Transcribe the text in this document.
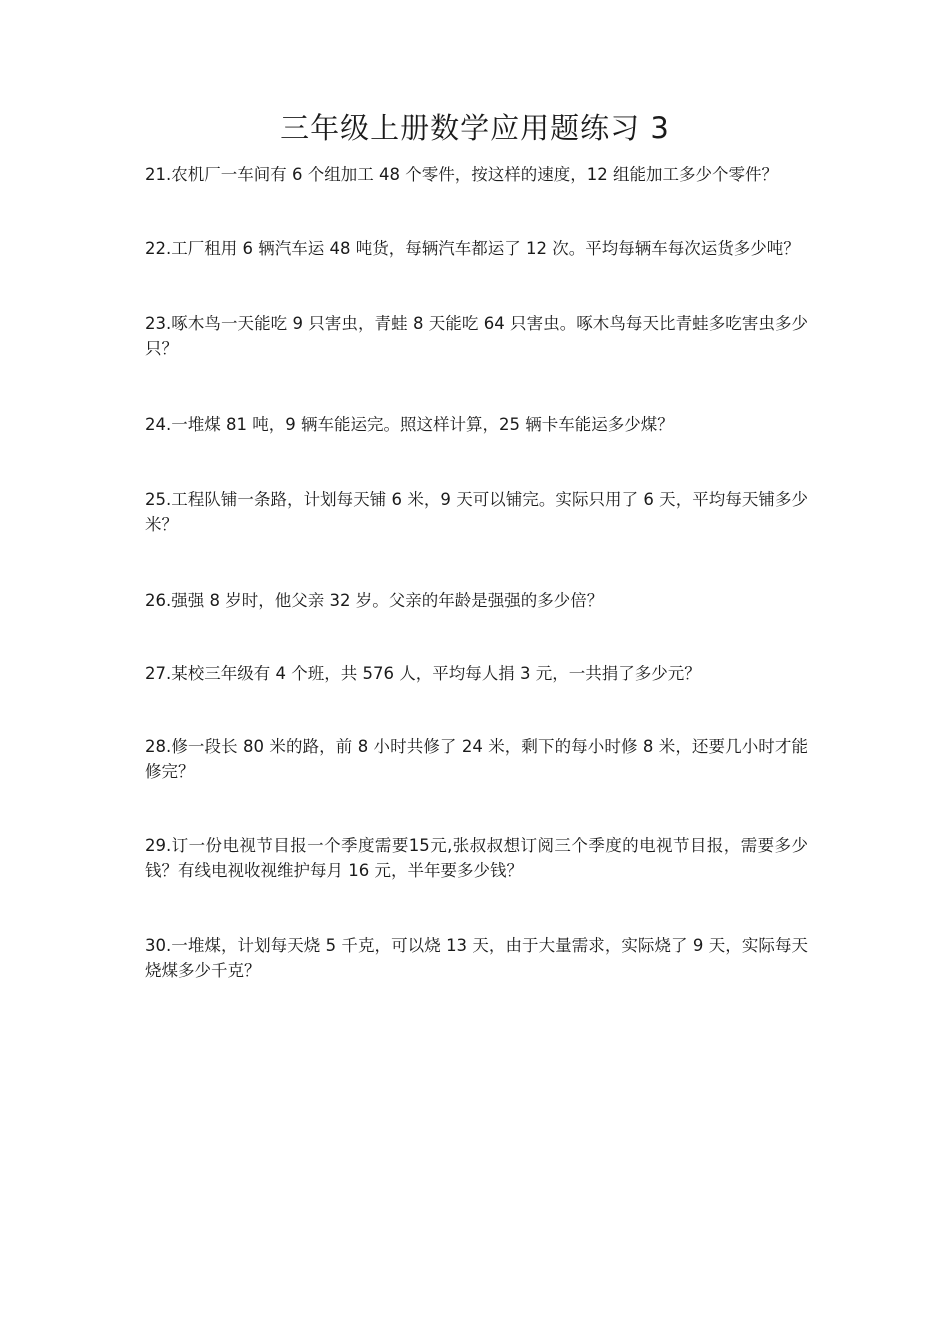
三年级上册数学应用题练习 3
21.农机厂一车间有 6 个组加工 48 个零件，按这样的速度，12 组能加工多少个零件？
22.工厂租用 6 辆汽车运 48 吨货，每辆汽车都运了 12 次。平均每辆车每次运货多少吨？
23.啄木鸟一天能吃 9 只害虫，青蛙 8 天能吃 64 只害虫。啄木鸟每天比青蛙多吃害虫多少只？
24.一堆煤 81 吨，9 辆车能运完。照这样计算，25 辆卡车能运多少煤？
25.工程队铺一条路，计划每天铺 6 米，9 天可以铺完。实际只用了 6 天，平均每天铺多少米？
26.强强 8 岁时，他父亲 32 岁。父亲的年龄是强强的多少倍？
27.某校三年级有 4 个班，共 576 人，平均每人捐 3 元，一共捐了多少元？
28.修一段长 80 米的路，前 8 小时共修了 24 米，剩下的每小时修 8 米，还要几小时才能修完？
29.订一份电视节目报一个季度需要15元,张叔叔想订阅三个季度的电视节目报，需要多少钱？有线电视收视维护每月 16 元，半年要多少钱？
30.一堆煤，计划每天烧 5 千克，可以烧 13 天，由于大量需求，实际烧了 9 天，实际每天烧煤多少千克？
